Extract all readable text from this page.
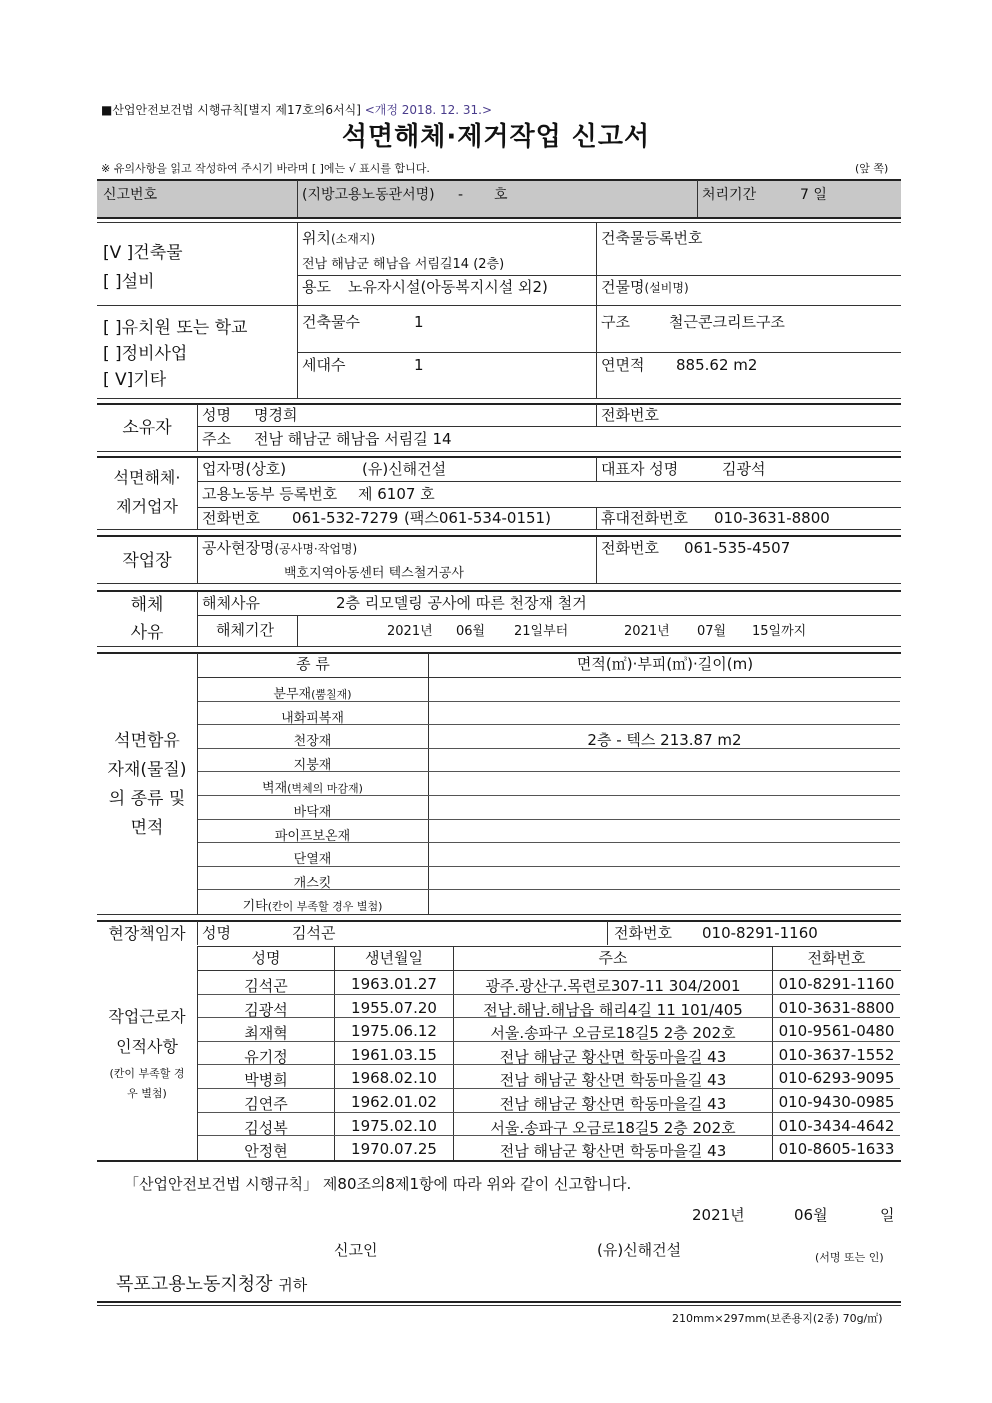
■산업안전보건법 시행규칙[별지 제17호의6서식] <개정 2018. 12. 31.>
석면해체·제거작업 신고서
※ 유의사항을 읽고 작성하여 주시기 바라며 [ ]에는 √ 표시를 합니다.	(앞 쪽)
신고번호	(지방고용노동관서명) - 호	처리기간	7 일
[V ]건축물
[ ]설비
위치(소재지)
전남 해남군 해남읍 서림길14 (2층)
건축물등록번호
용도 노유자시설(아동복지시설 외2)	건물명(설비명)
[ ]유치원 또는 학교
[ ]정비사업
[ V]기타
건축물수	1	구조	철근콘크리트구조
세대수	1	연면적 885.62 m2
소유자
성명 명경희	전화번호
주소 전남 해남군 해남읍 서림길 14
석면해체·
제거업자
업자명(상호)	(유)신해건설	대표자 성명	김광석
고용노동부 등록번호 제 6107 호
전화번호 061-532-7279 (팩스061-534-0151)	휴대전화번호 010-3631-8800
작업장
공사현장명(공사명·작업명)
백호지역아동센터 텍스철거공사
전화번호 061-535-4507
해체
사유
해체사유	2층 리모델링 공사에 따른 천장재 철거
해체기간	2021년 06월 21일부터	2021년 07월 15일까지
석면함유
자재(물질)
의 종류 및
면적
종 류	면적(㎡)·부피(㎥)·길이(m)
분무재(뿜칠재)
내화피복재
천장재	2층 - 텍스 213.87 m2
지붕재
벽재(벽체의 마감재)
바닥재
파이프보온재
단열재
개스킷
기타(칸이 부족할 경우 별첨)
현장책임자	성명	김석곤	전화번호 010-8291-1160
작업근로자
인적사항
(칸이 부족할 경
우 별첨)
성명	생년월일	주소	전화번호
김석곤	1963.01.27	광주.광산구.목련로307-11 304/2001	010-8291-1160
김광석	1955.07.20	전남.해남.해남읍 해리4길 11 101/405	010-3631-8800
최재혁	1975.06.12	서울.송파구 오금로18길5 2층 202호	010-9561-0480
유기정	1961.03.15	전남 해남군 황산면 학동마을길 43	010-3637-1552
박병희	1968.02.10	전남 해남군 황산면 학동마을길 43	010-6293-9095
김연주	1962.01.02	전남 해남군 황산면 학동마을길 43	010-9430-0985
김성복	1975.02.10	서울.송파구 오금로18길5 2층 202호	010-3434-4642
안정현	1970.07.25	전남 해남군 황산면 학동마을길 43	010-8605-1633
「산업안전보건법 시행규칙」 제80조의8제1항에 따라 위와 같이 신고합니다.
2021년	06월	일
신고인	(유)신해건설	(서명 또는 인)
목포고용노동지청장 귀하
210mm×297mm(보존용지(2종) 70g/㎡)
